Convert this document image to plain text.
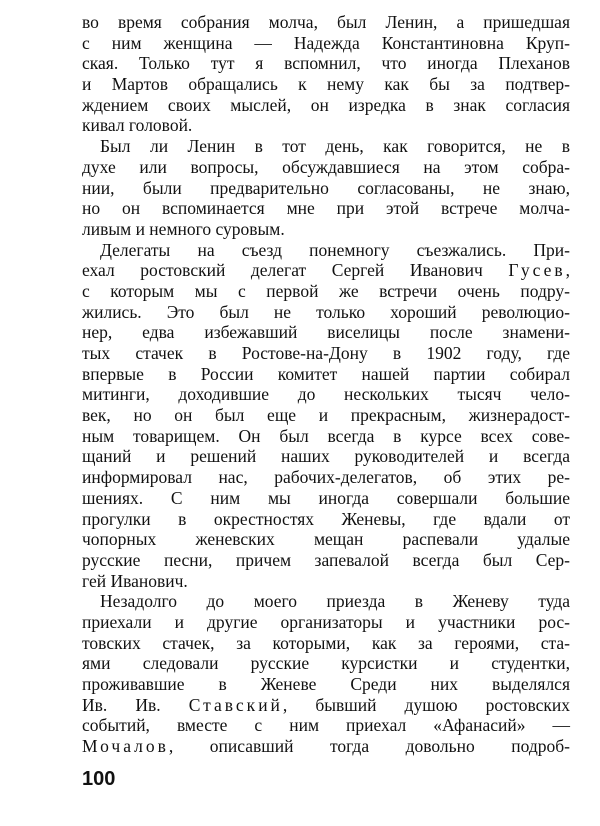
во время собрания молча, был Ленин, а пришедшая
с ним женщина — Надежда Константиновна Круп-
ская. Только тут я вспомнил, что иногда Плеханов
и Мартов обращались к нему как бы за подтвер-
ждением своих мыслей, он изредка в знак согласия
кивал головой.
Был ли Ленин в тот день, как говорится, не в
духе или вопросы, обсуждавшиеся на этом собра-
нии, были предварительно согласованы, не знаю,
но он вспоминается мне при этой встрече молча-
ливым и немного суровым.
Делегаты на съезд понемногу съезжались. При-
ехал ростовский делегат Сергей Иванович Гусев,
с которым мы с первой же встречи очень подру-
жились. Это был не только хороший революцио-
нер, едва избежавший виселицы после знамени-
тых стачек в Ростове-на-Дону в 1902 году, где
впервые в России комитет нашей партии собирал
митинги, доходившие до нескольких тысяч чело-
век, но он был еще и прекрасным, жизнерадост-
ным товарищем. Он был всегда в курсе всех сове-
щаний и решений наших руководителей и всегда
информировал нас, рабочих-делегатов, об этих ре-
шениях. С ним мы иногда совершали большие
прогулки в окрестностях Женевы, где вдали от
чопорных женевских мещан распевали удалые
русские песни, причем запевалой всегда был Сер-
гей Иванович.
Незадолго до моего приезда в Женеву туда
приехали и другие организаторы и участники рос-
товских стачек, за которыми, как за героями, ста-
ями следовали русские курсистки и студентки,
проживавшие в Женеве Среди них выделялся
Ив. Ив. Ставский, бывший душою ростовских
событий, вместе с ним приехал «Афанасий» —
Мочалов, описавший тогда довольно подроб-
100
